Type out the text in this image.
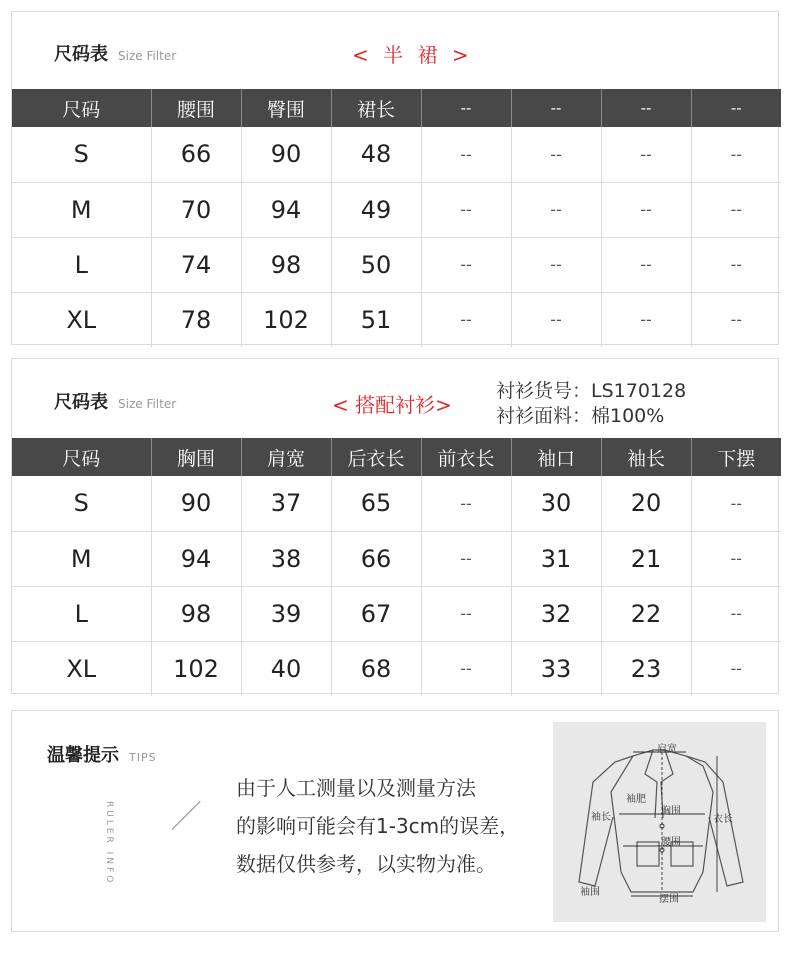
尺码表 Size Filter	< 半 裙 >
尺码	腰围	臀围	裙长	--	--	--	--
S	66	90	48	--	--	--	--
M	70	94	49	--	--	--	--
L	74	98	50	--	--	--	--
XL	78	102	51	--	--	--	--
尺码表 Size Filter	< 搭配衬衫>
衬衫货号：LS170128
衬衫面料：棉100%
尺码	胸围	肩宽	后衣长	前衣长	袖口	袖长	下摆
S	90	37	65	--	30	20	--
M	94	38	66	--	31	21	--
L	98	39	67	--	32	22	--
XL	102	40	68	--	33	23	--
温馨提示 TIPS
RULER INFO
由于人工测量以及测量方法
的影响可能会有1-3cm的误差，
数据仅供参考，以实物为准。
肩宽
袖长
袖肥
胸围
腰围
衣长
袖围
摆围
